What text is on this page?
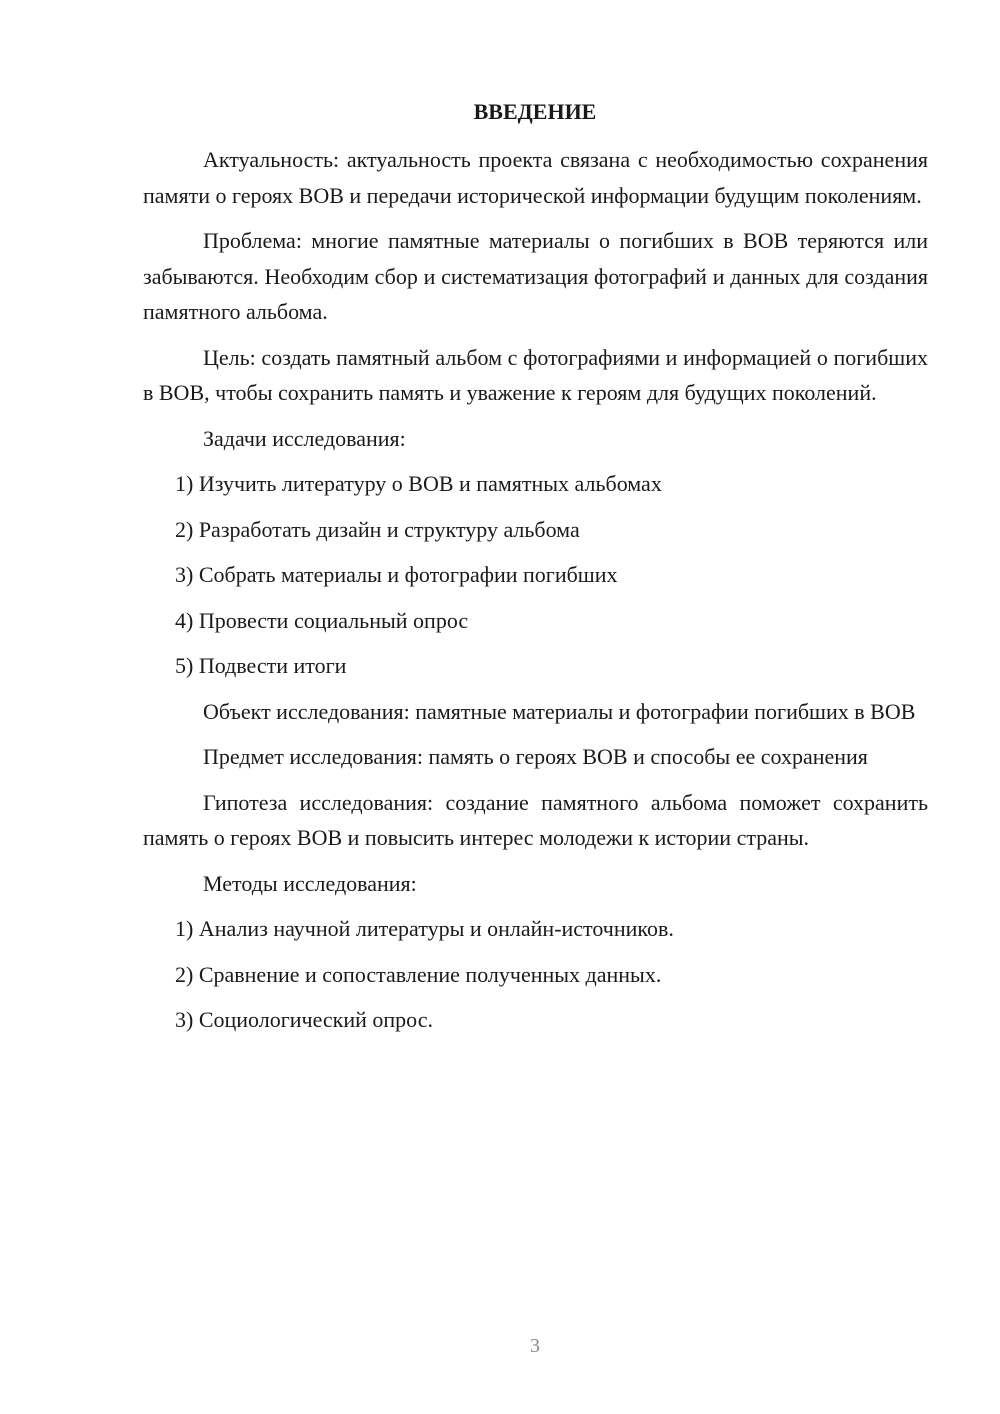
ВВЕДЕНИЕ

Актуальность: актуальность проекта связана с необходимостью сохранения памяти о героях ВОВ и передачи исторической информации будущим поколениям.

Проблема: многие памятные материалы о погибших в ВОВ теряются или забываются. Необходим сбор и систематизация фотографий и данных для создания памятного альбома.

Цель: создать памятный альбом с фотографиями и информацией о погибших в ВОВ, чтобы сохранить память и уважение к героям для будущих поколений.

Задачи исследования:

1) Изучить литературу о ВОВ и памятных альбомах
2) Разработать дизайн и структуру альбома
3) Собрать материалы и фотографии погибших
4) Провести социальный опрос
5) Подвести итоги

Объект исследования: памятные материалы и фотографии погибших в ВОВ

Предмет исследования: память о героях ВОВ и способы ее сохранения

Гипотеза исследования: создание памятного альбома поможет сохранить память о героях ВОВ и повысить интерес молодежи к истории страны.

Методы исследования:

1) Анализ научной литературы и онлайн-источников.
2) Сравнение и сопоставление полученных данных.
3) Социологический опрос.
3
